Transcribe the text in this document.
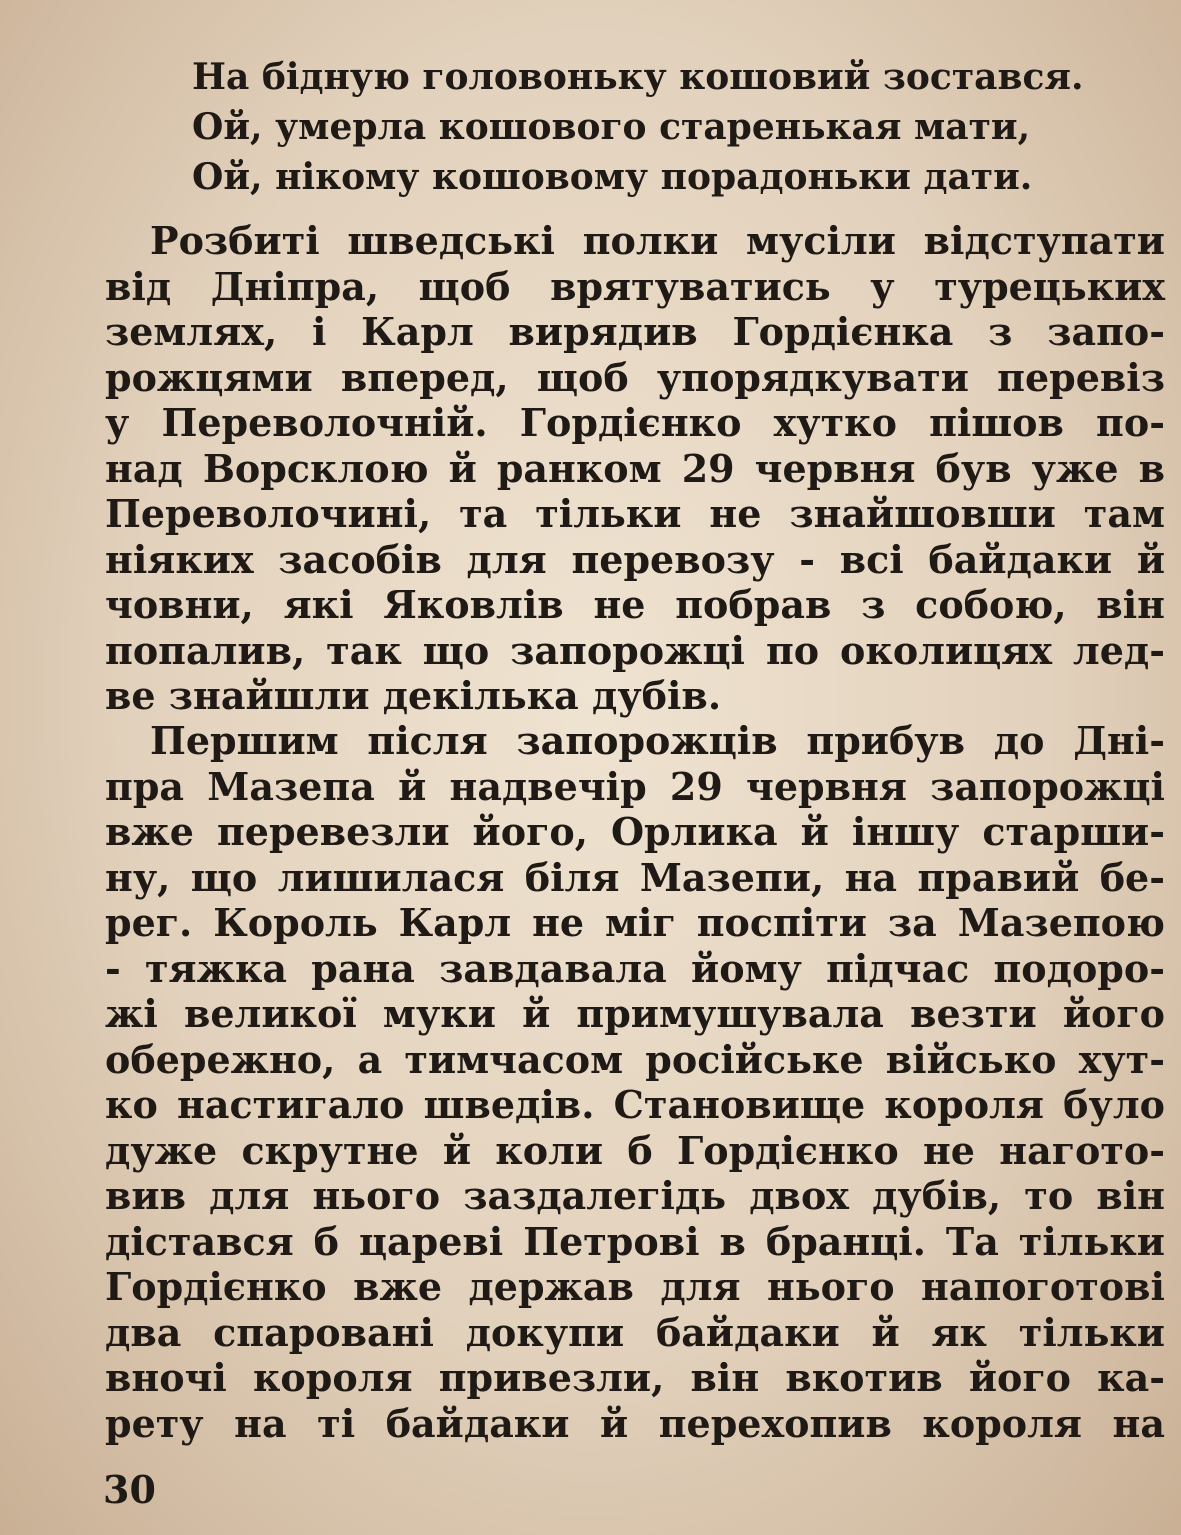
На бідную головоньку кошовий зостався.
Ой, умерла кошового старенькая мати,
Ой, нікому кошовому порадоньки дати.
Розбиті шведські полки мусіли відступати
від Дніпра, щоб врятуватись у турецьких
землях, і Карл вирядив Гордієнка з запо-
рожцями вперед, щоб упорядкувати перевіз
у Переволочній. Гордієнко хутко пішов по-
над Ворсклою й ранком 29 червня був уже в
Переволочині, та тільки не знайшовши там
ніяких засобів для перевозу - всі байдаки й
човни, які Яковлів не побрав з собою, він
попалив, так що запорожці по околицях лед-
ве знайшли декілька дубів.
Першим після запорожців прибув до Дні-
пра Мазепа й надвечір 29 червня запорожці
вже перевезли його, Орлика й іншу старши-
ну, що лишилася біля Мазепи, на правий бе-
рег. Король Карл не міг поспіти за Мазепою
- тяжка рана завдавала йому підчас подоро-
жі великої муки й примушувала везти його
обережно, а тимчасом російське військо хут-
ко настигало шведів. Становище короля було
дуже скрутне й коли б Гордієнко не нагото-
вив для нього заздалегідь двох дубів, то він
дістався б цареві Петрові в бранці. Та тільки
Гордієнко вже держав для нього напоготові
два спаровані докупи байдаки й як тільки
вночі короля привезли, він вкотив його ка-
рету на ті байдаки й перехопив короля на
30
